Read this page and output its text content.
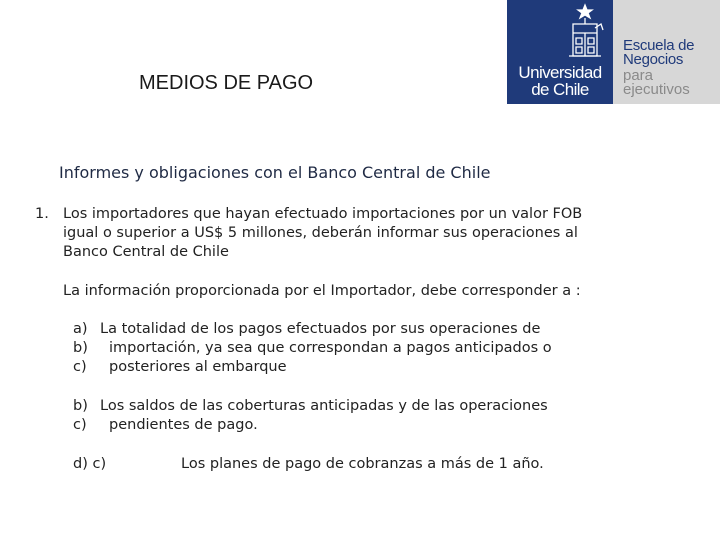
MEDIOS DE PAGO	Universidad
de Chile
Escuela de
Negocios
para
ejecutivos
Informes y obligaciones con el Banco Central de Chile
1. Los importadores que hayan efectuado importaciones por un valor FOB
igual o superior a US$ 5 millones, deberán informar sus operaciones al
Banco Central de Chile
La información proporcionada por el Importador, debe corresponder a :
a) La totalidad de los pagos efectuados por sus operaciones de
b) importación, ya sea que correspondan a pagos anticipados o
c) posteriores al embarque
b) Los saldos de las coberturas anticipadas y de las operaciones
c) pendientes de pago.
d) c)	Los planes de pago de cobranzas a más de 1 año.
